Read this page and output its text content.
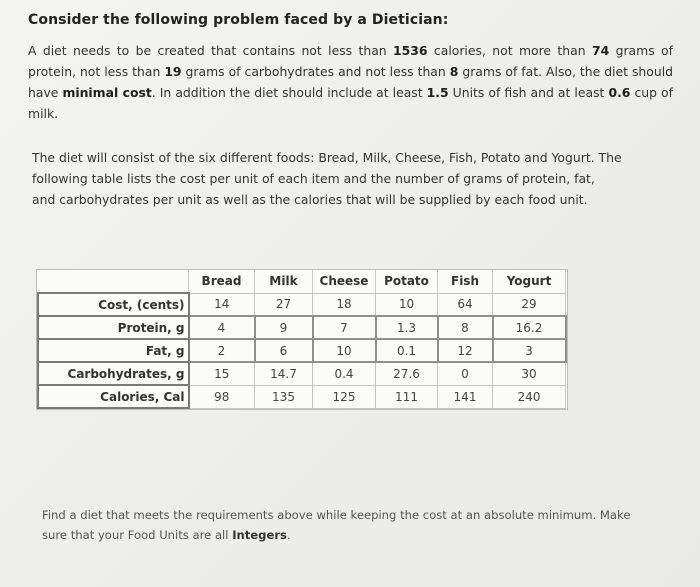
Consider the following problem faced by a Dietician:
A diet needs to be created that contains not less than 1536 calories, not more than 74 grams of protein, not less than 19 grams of carbohydrates and not less than 8 grams of fat. Also, the diet should have minimal cost. In addition the diet should include at least 1.5 Units of fish and at least 0.6 cup of milk.
The diet will consist of the six different foods: Bread, Milk, Cheese, Fish, Potato and Yogurt. The following table lists the cost per unit of each item and the number of grams of protein, fat, and carbohydrates per unit as well as the calories that will be supplied by each food unit.
	Bread	Milk	Cheese	Potato	Fish	Yogurt
Cost, (cents)	14	27	18	10	64	29
Protein, g	4	9	7	1.3	8	16.2
Fat, g	2	6	10	0.1	12	3
Carbohydrates, g	15	14.7	0.4	27.6	0	30
Calories, Cal	98	135	125	111	141	240
Find a diet that meets the requirements above while keeping the cost at an absolute minimum. Make sure that your Food Units are all Integers.
